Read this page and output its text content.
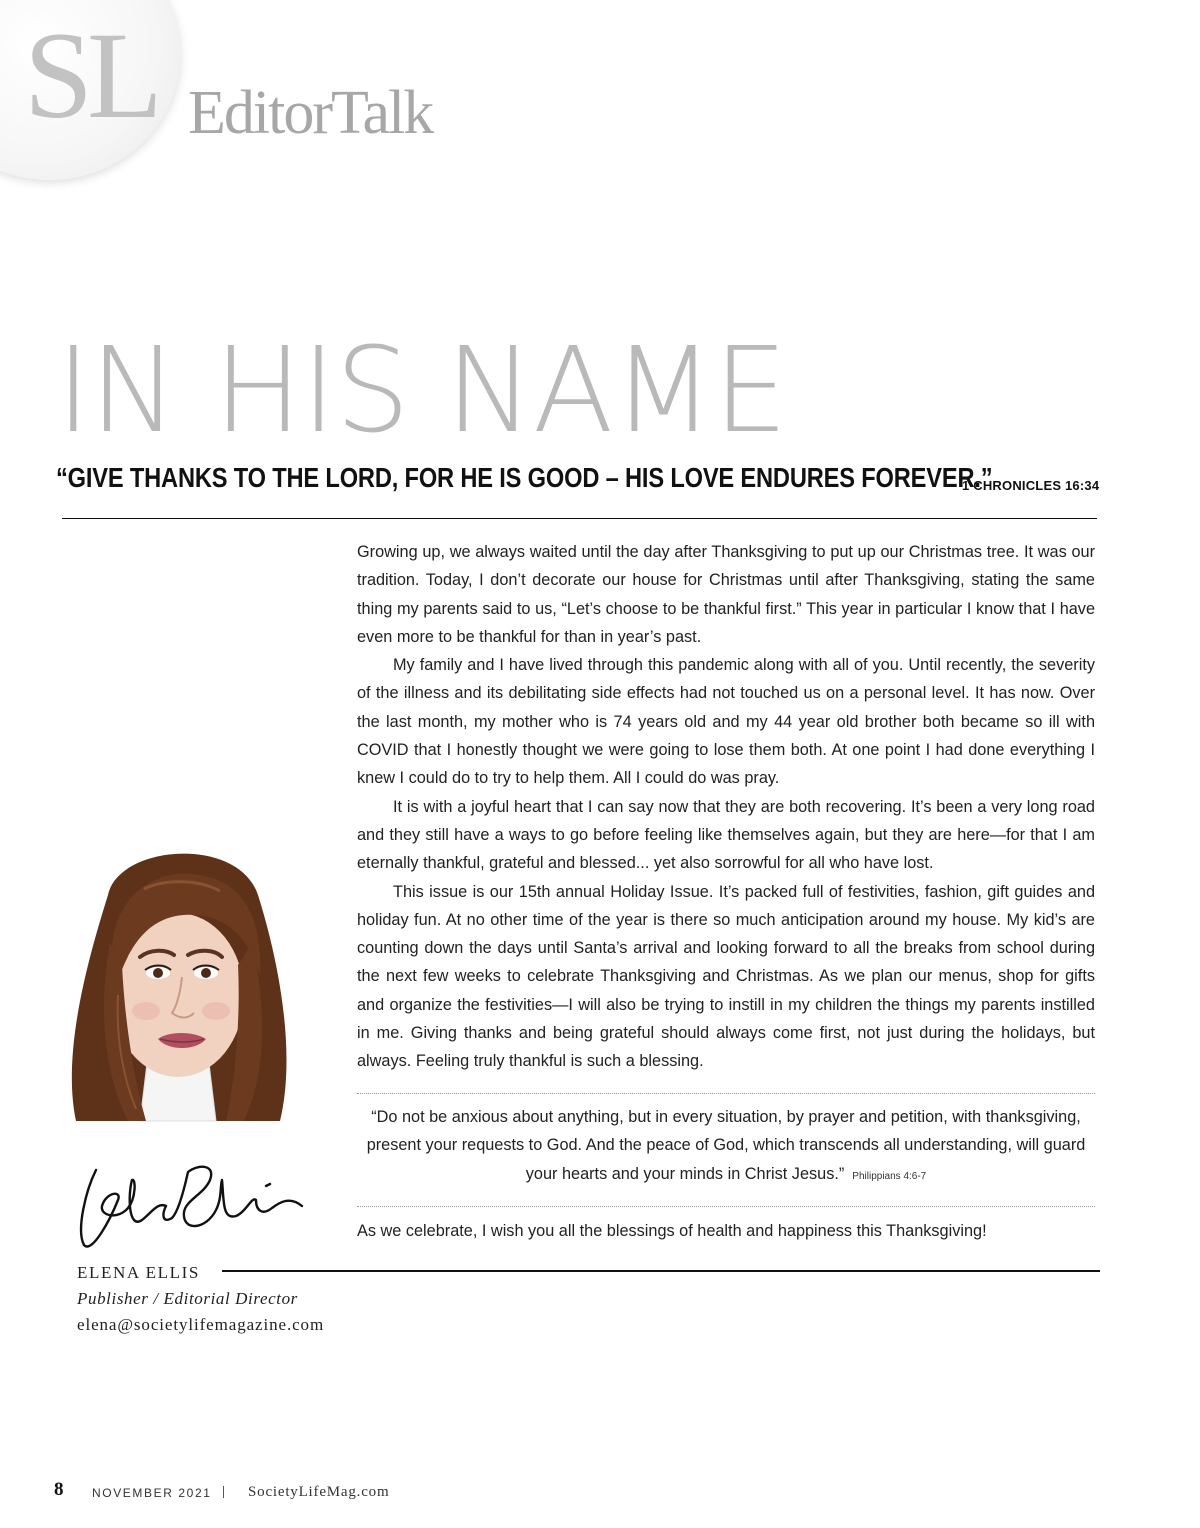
SL EditorTalk
IN HIS NAME
“GIVE THANKS TO THE LORD, FOR HE IS GOOD – HIS LOVE ENDURES FOREVER.”
1 CHRONICLES 16:34

Growing up, we always waited until the day after Thanksgiving to put up our Christmas tree. It was our tradition. Today, I don’t decorate our house for Christmas until after Thanksgiving, stating the same thing my parents said to us, “Let’s choose to be thankful first.” This year in particular I know that I have even more to be thankful for than in year’s past.

My family and I have lived through this pandemic along with all of you. Until recently, the severity of the illness and its debilitating side effects had not touched us on a personal level. It has now. Over the last month, my mother who is 74 years old and my 44 year old brother both became so ill with COVID that I honestly thought we were going to lose them both. At one point I had done everything I knew I could do to try to help them. All I could do was pray.

It is with a joyful heart that I can say now that they are both recovering. It’s been a very long road and they still have a ways to go before feeling like themselves again, but they are here—for that I am eternally thankful, grateful and blessed... yet also sorrowful for all who have lost.

This issue is our 15th annual Holiday Issue. It’s packed full of festivities, fashion, gift guides and holiday fun. At no other time of the year is there so much anticipation around my house. My kid’s are counting down the days until Santa’s arrival and looking forward to all the breaks from school during the next few weeks to celebrate Thanksgiving and Christmas. As we plan our menus, shop for gifts and organize the festivities—I will also be trying to instill in my children the things my parents instilled in me. Giving thanks and being grateful should always come first, not just during the holidays, but always. Feeling truly thankful is such a blessing.

“Do not be anxious about anything, but in every situation, by prayer and petition, with thanksgiving, present your requests to God. And the peace of God, which transcends all understanding, will guard your hearts and your minds in Christ Jesus.” Philippians 4:6-7
As we celebrate, I wish you all the blessings of health and happiness this Thanksgiving!
ELENA ELLIS
Publisher / Editorial Director
elena@societylifemagazine.com
8 NOVEMBER 2021 SocietyLifeMag.com
